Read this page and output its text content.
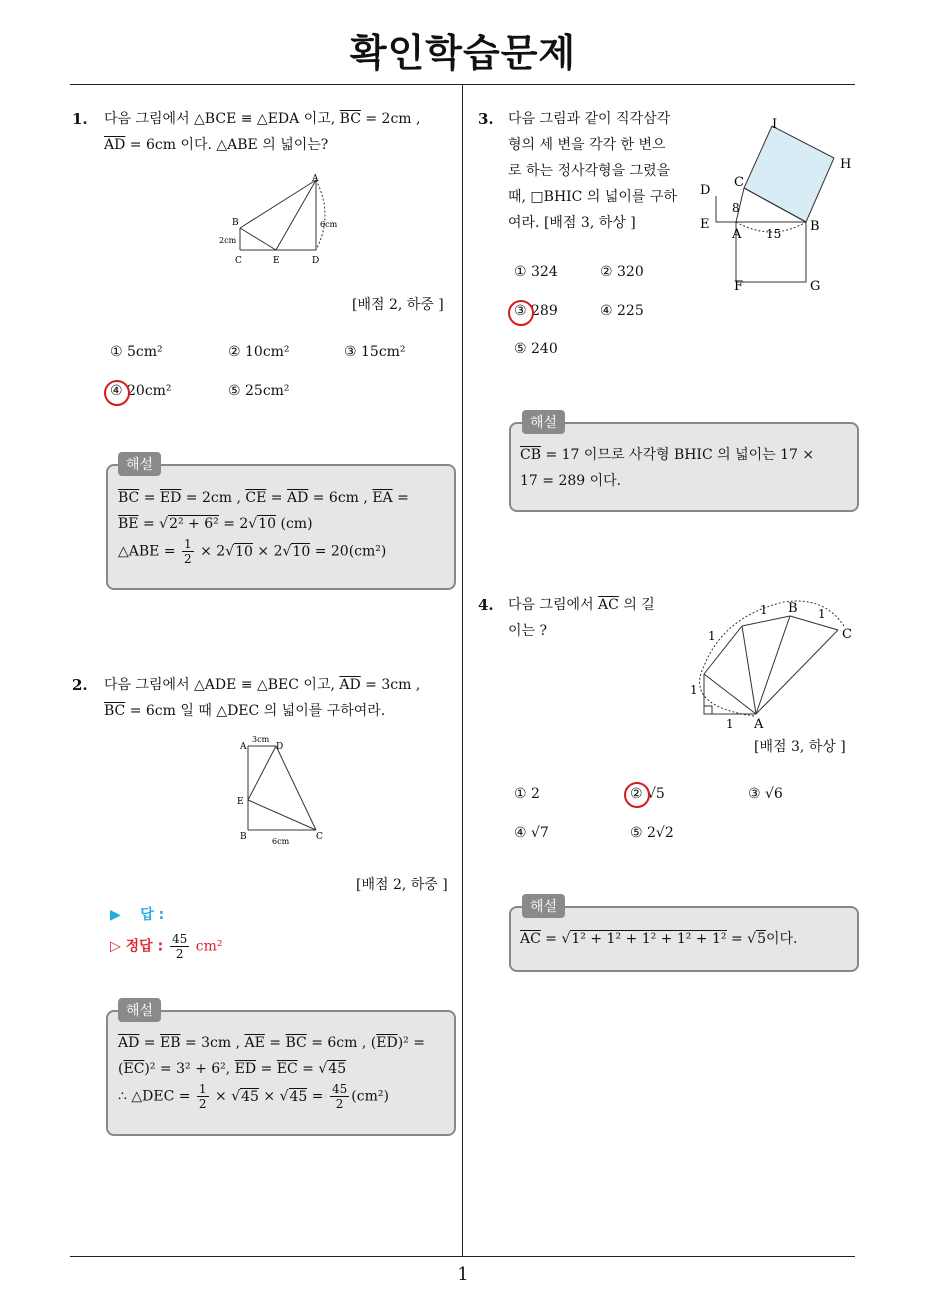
확인학습문제
1
1. 다음 그림에서 △BCE ≡ △EDA 이고, $\overline{BC} = 2cm$ ,
$\overline{AD} = 6cm$ 이다. △ABE 의 넓이는?
A
B
C	E	D
2cm
6cm
[배점 2, 하중 ]
① 5cm²	② 10cm²	③ 15cm²
④ 20cm²	⑤ 25cm²
해설
$\overline{BC} = \overline{ED} = 2cm$ , $\overline{CE} = \overline{AD} = 6cm$ , $\overline{EA}$ =
$\overline{BE} = √2^2 + 6^2 = 2√10$ (cm)
△ABE = $\frac{1}{2} \times 2√10 \times 2√10 = 20(cm^2)$
2. 다음 그림에서 △ADE ≡ △BEC 이고, $\overline{AD} = 3cm$ ,
$\overline{BC} = 6cm$ 일 때 △DEC 의 넓이를 구하여라.
A	D
E
B	C
3cm
6cm
[배점 2, 하중 ]
▶    답 :
▷ 정답 : $\frac{45}{2} cm^2$
해설
$\overline{AD} = \overline{EB} = 3cm$ , $\overline{AE} = \overline{BC} = 6cm$ , $(\overline{ED})^2$ =
$(\overline{EC})^2 = 3^2 + 6^2$, $\overline{ED} = \overline{EC} = √45$
∴ △DEC = $\frac{1}{2} \times √45 \times √45 = \frac{45}{2} (cm^2)$
3. 다음 그림과 같이 직각삼각
형의 세 변을 각각 한 변으
로 하는 정사각형을 그렸을
때, □BHIC 의 넓이를 구하
여라. [배점 3, 하상 ]
I
H
C
D
E
A
B
F	G
8
15
① 324	② 320
③ 289	④ 225
⑤ 240
해설
$\overline{CB} = 17$ 이므로 사각형 BHIC 의 넓이는 17 ×
17 = 289 이다.
4. 다음 그림에서 $\overline{AC}$ 의 길
이는 ?
A
B
C
1
1
1
1	1
[배점 3, 하상 ]
① 2	② √5	③ √6
④ √7	⑤ 2√2
해설
$\overline{AC} = √1^2 + 1^2 + 1^2 + 1^2 + 1^2 = √5$이다.
